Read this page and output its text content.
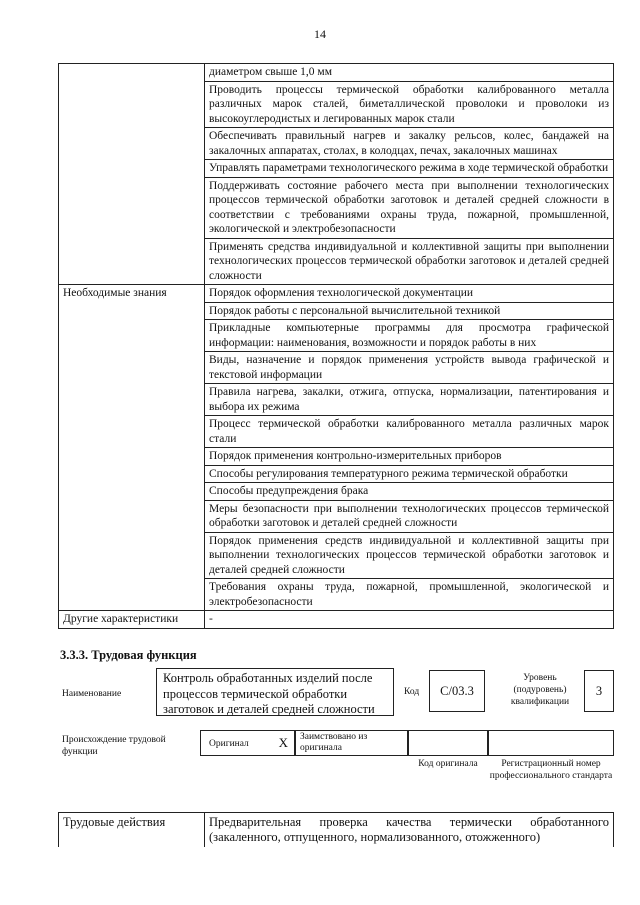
14
	диаметром свыше 1,0 мм
	Проводить процессы термической обработки калиброванного металла различных марок сталей, биметаллической проволоки и проволоки из высокоуглеродистых и легированных марок стали
	Обеспечивать правильный нагрев и закалку рельсов, колес, бандажей на закалочных аппаратах, столах, в колодцах, печах, закалочных машинах
	Управлять параметрами технологического режима в ходе термической обработки
	Поддерживать состояние рабочего места при выполнении технологических процессов термической обработки заготовок и деталей средней сложности в соответствии с требованиями охраны труда, пожарной, промышленной, экологической и электробезопасности
	Применять средства индивидуальной и коллективной защиты при выполнении технологических процессов термической обработки заготовок и деталей средней сложности
Необходимые знания	Порядок оформления технологической документации
	Порядок работы с персональной вычислительной техникой
	Прикладные компьютерные программы для просмотра графической информации: наименования, возможности и порядок работы в них
	Виды, назначение и порядок применения устройств вывода графической и текстовой информации
	Правила нагрева, закалки, отжига, отпуска, нормализации, патентирования и выбора их режима
	Процесс термической обработки калиброванного металла различных марок стали
	Порядок применения контрольно-измерительных приборов
	Способы регулирования температурного режима термической обработки
	Способы предупреждения брака
	Меры безопасности при выполнении технологических процессов термической обработки заготовок и деталей средней сложности
	Порядок применения средств индивидуальной и коллективной защиты при выполнении технологических процессов термической обработки заготовок и деталей средней сложности
	Требования охраны труда, пожарной, промышленной, экологической и электробезопасности
Другие характеристики	-
3.3.3. Трудовая функция
Наименование
Контроль обработанных изделий после процессов термической обработки заготовок и деталей средней сложности
Код	С/03.3
Уровень (подуровень) квалификации
3
Происхождение трудовой функции
Оригинал X	Заимствовано из оригинала
Код оригинала	Регистрационный номер профессионального стандарта
Трудовые действия	Предварительная проверка качества термически обработанного (закаленного, отпущенного, нормализованного, отожженного)
